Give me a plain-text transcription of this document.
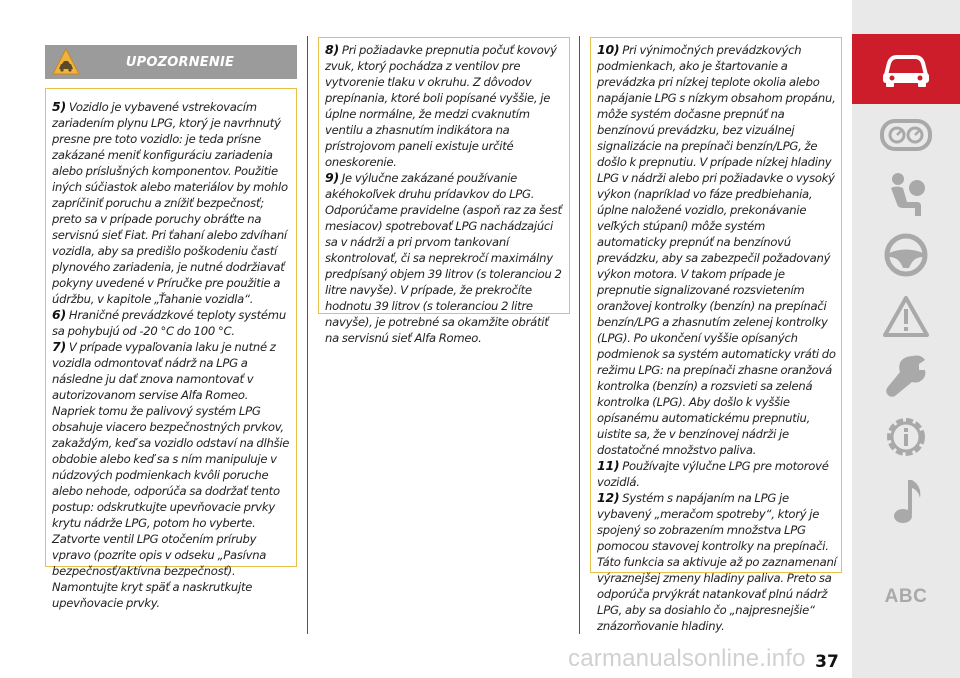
5) Vozidlo je vybavené vstrekovacím zariadením plynu LPG, ktorý je navrhnutý presne pre toto vozidlo: je teda prísne zakázané meniť konfiguráciu zariadenia alebo príslušných komponentov. Použitie iných súčiastok alebo materiálov by mohlo zapríčiniť poruchu a znížiť bezpečnosť; preto sa v prípade poruchy obráťte na servisnú sieť Fiat. Pri ťahaní alebo zdvíhaní vozidla, aby sa predišlo poškodeniu častí plynového zariadenia, je nutné dodržiavať pokyny uvedené v Príručke pre použitie a údržbu, v kapitole „Ťahanie vozidla“.

6) Hraničné prevádzkové teploty systému sa pohybujú od -20 °C do 100 °C.

7) V prípade vypaľovania laku je nutné z vozidla odmontovať nádrž na LPG a následne ju dať znova namontovať v autorizovanom servise Alfa Romeo. Napriek tomu že palivový systém LPG obsahuje viacero bezpečnostných prvkov, zakaždým, keď sa vozidlo odstaví na dlhšie obdobie alebo keď sa s ním manipuluje v núdzových podmienkach kvôli poruche alebo nehode, odporúča sa dodržať tento postup: odskrutkujte upevňovacie prvky krytu nádrže LPG, potom ho vyberte. Zatvorte ventil LPG otočením príruby vpravo (pozrite opis v odseku „Pasívna bezpečnosť/aktívna bezpečnosť). Namontujte kryt späť a naskrutkujte upevňovacie prvky.

UPOZORNENIE

8) Pri požiadavke prepnutia počuť kovový zvuk, ktorý pochádza z ventilov pre vytvorenie tlaku v okruhu. Z dôvodov prepínania, ktoré boli popísané vyššie, je úplne normálne, že medzi cvaknutím ventilu a zhasnutím indikátora na prístrojovom paneli existuje určité oneskorenie.

9) Je výlučne zakázané používanie akéhokoľvek druhu prídavkov do LPG. Odporúčame pravidelne (aspoň raz za šesť mesiacov) spotrebovať LPG nachádzajúci sa v nádrži a pri prvom tankovaní skontrolovať, či sa neprekročí maximálny predpísaný objem 39 litrov (s toleranciou 2 litre navyše). V prípade, že prekročíte hodnotu 39 litrov (s toleranciou 2 litre navyše), je potrebné sa okamžite obrátiť na servisnú sieť Alfa Romeo.

10) Pri výnimočných prevádzkových podmienkach, ako je štartovanie a prevádzka pri nízkej teplote okolia alebo napájanie LPG s nízkym obsahom propánu, môže systém dočasne prepnúť na benzínovú prevádzku, bez vizuálnej signalizácie na prepínači benzín/LPG, že došlo k prepnutiu. V prípade nízkej hladiny LPG v nádrži alebo pri požiadavke o vysoký výkon (napríklad vo fáze predbiehania, úplne naložené vozidlo, prekonávanie veľkých stúpaní) môže systém automaticky prepnúť na benzínovú prevádzku, aby sa zabezpečil požadovaný výkon motora. V takom prípade je prepnutie signalizované rozsvietením oranžovej kontrolky (benzín) na prepínači benzín/LPG a zhasnutím zelenej kontrolky (LPG). Po ukončení vyššie opísaných podmienok sa systém automaticky vráti do režimu LPG: na prepínači zhasne oranžová kontrolka (benzín) a rozsvieti sa zelená kontrolka (LPG). Aby došlo k vyššie opísanému automatickému prepnutiu, uistite sa, že v benzínovej nádrži je dostatočné množstvo paliva.

11) Používajte výlučne LPG pre motorové vozidlá.

12) Systém s napájaním na LPG je vybavený „meračom spotreby“, ktorý je spojený so zobrazením množstva LPG pomocou stavovej kontrolky na prepínači. Táto funkcia sa aktivuje až po zaznamenaní výraznejšej zmeny hladiny paliva. Preto sa odporúča prvýkrát natankovať plnú nádrž LPG, aby sa dosiahlo čo „najpresnejšie“ znázorňovanie hladiny.

ABC
carmanualsonline.info 37
